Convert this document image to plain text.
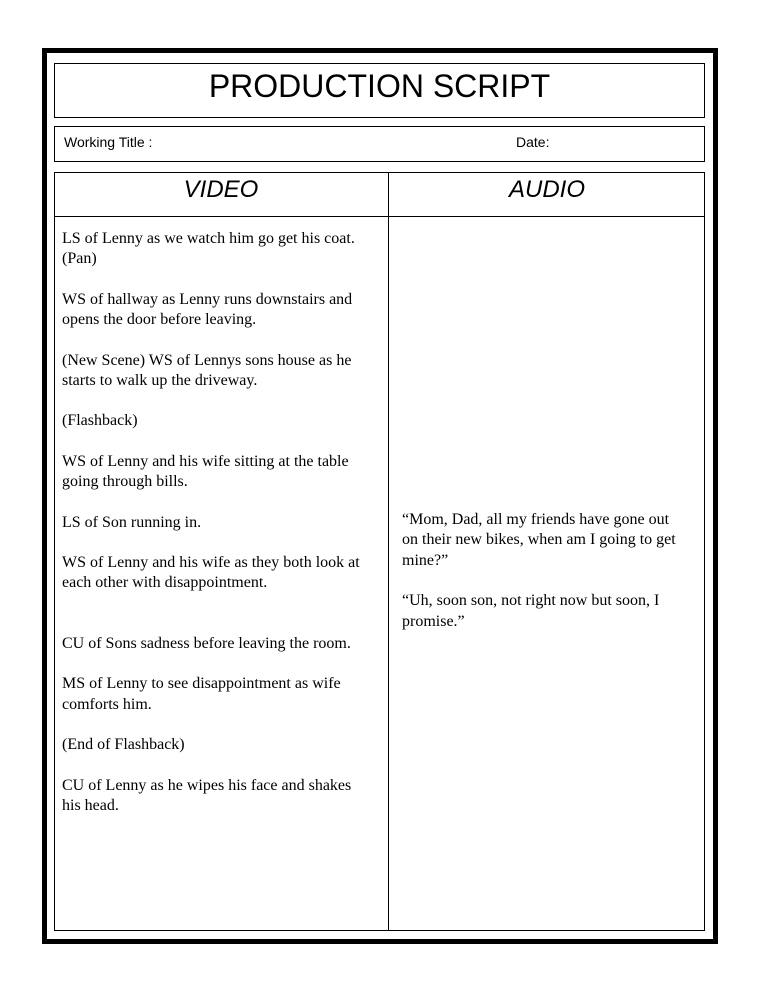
PRODUCTION SCRIPT
Working Title :	Date:
VIDEO	AUDIO

LS of Lenny as we watch him go get his coat.
(Pan)

WS of hallway as Lenny runs downstairs and
opens the door before leaving.

(New Scene) WS of Lennys sons house as he
starts to walk up the driveway.

(Flashback)

WS of Lenny and his wife sitting at the table
going through bills.

LS of Son running in.

WS of Lenny and his wife as they both look at
each other with disappointment.

CU of Sons sadness before leaving the room.

MS of Lenny to see disappointment as wife
comforts him.

(End of Flashback)

CU of Lenny as he wipes his face and shakes
his head.

“Mom, Dad, all my friends have gone out
on their new bikes, when am I going to get
mine?”

“Uh, soon son, not right now but soon, I
promise.”
